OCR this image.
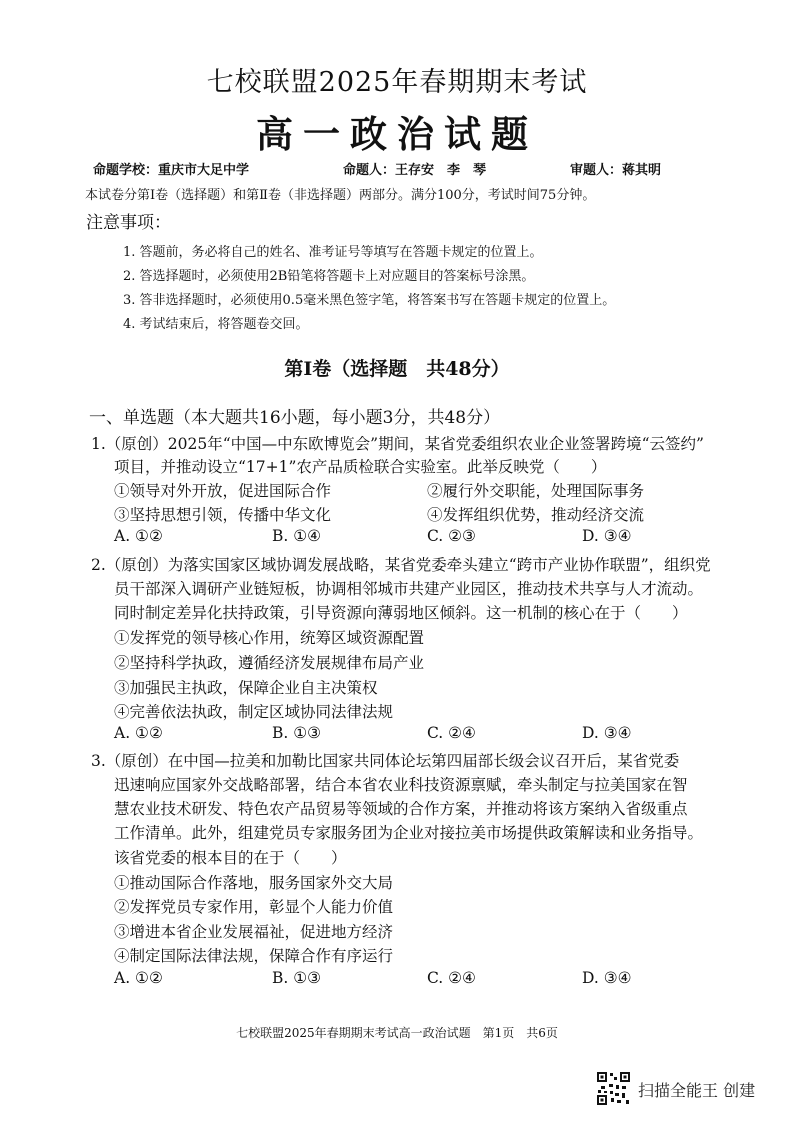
七校联盟2025年春期期末考试
高一政治试题
命题学校：重庆市大足中学	命题人：王存安　李　琴	审题人：蒋其明
本试卷分第Ⅰ卷（选择题）和第Ⅱ卷（非选择题）两部分。满分100分，考试时间75分钟。
注意事项：
1. 答题前，务必将自己的姓名、准考证号等填写在答题卡规定的位置上。
2. 答选择题时，必须使用2B铅笔将答题卡上对应题目的答案标号涂黑。
3. 答非选择题时，必须使用0.5毫米黑色签字笔，将答案书写在答题卡规定的位置上。
4. 考试结束后，将答题卷交回。
第Ⅰ卷（选择题　共48分）
一、单选题（本大题共16小题，每小题3分，共48分）
1.（原创）2025年“中国—中东欧博览会”期间，某省党委组织农业企业签署跨境“云签约”
项目，并推动设立“17+1”农产品质检联合实验室。此举反映党（　　）
①领导对外开放，促进国际合作	②履行外交职能，处理国际事务
③坚持思想引领，传播中华文化	④发挥组织优势，推动经济交流
A. ①②	B. ①④	C. ②③	D. ③④
2.（原创）为落实国家区域协调发展战略，某省党委牵头建立“跨市产业协作联盟”，组织党
员干部深入调研产业链短板，协调相邻城市共建产业园区，推动技术共享与人才流动。
同时制定差异化扶持政策，引导资源向薄弱地区倾斜。这一机制的核心在于（　　）
①发挥党的领导核心作用，统筹区域资源配置
②坚持科学执政，遵循经济发展规律布局产业
③加强民主执政，保障企业自主决策权
④完善依法执政，制定区域协同法律法规
A. ①②	B. ①③	C. ②④	D. ③④
3.（原创）在中国—拉美和加勒比国家共同体论坛第四届部长级会议召开后，某省党委
迅速响应国家外交战略部署，结合本省农业科技资源禀赋，牵头制定与拉美国家在智
慧农业技术研发、特色农产品贸易等领域的合作方案，并推动将该方案纳入省级重点
工作清单。此外，组建党员专家服务团为企业对接拉美市场提供政策解读和业务指导。
该省党委的根本目的在于（　　）
①推动国际合作落地，服务国家外交大局
②发挥党员专家作用，彰显个人能力价值
③增进本省企业发展福祉，促进地方经济
④制定国际法律法规，保障合作有序运行
A. ①②	B. ①③	C. ②④	D. ③④
七校联盟2025年春期期末考试高一政治试题　第1页　共6页
扫描全能王 创建
